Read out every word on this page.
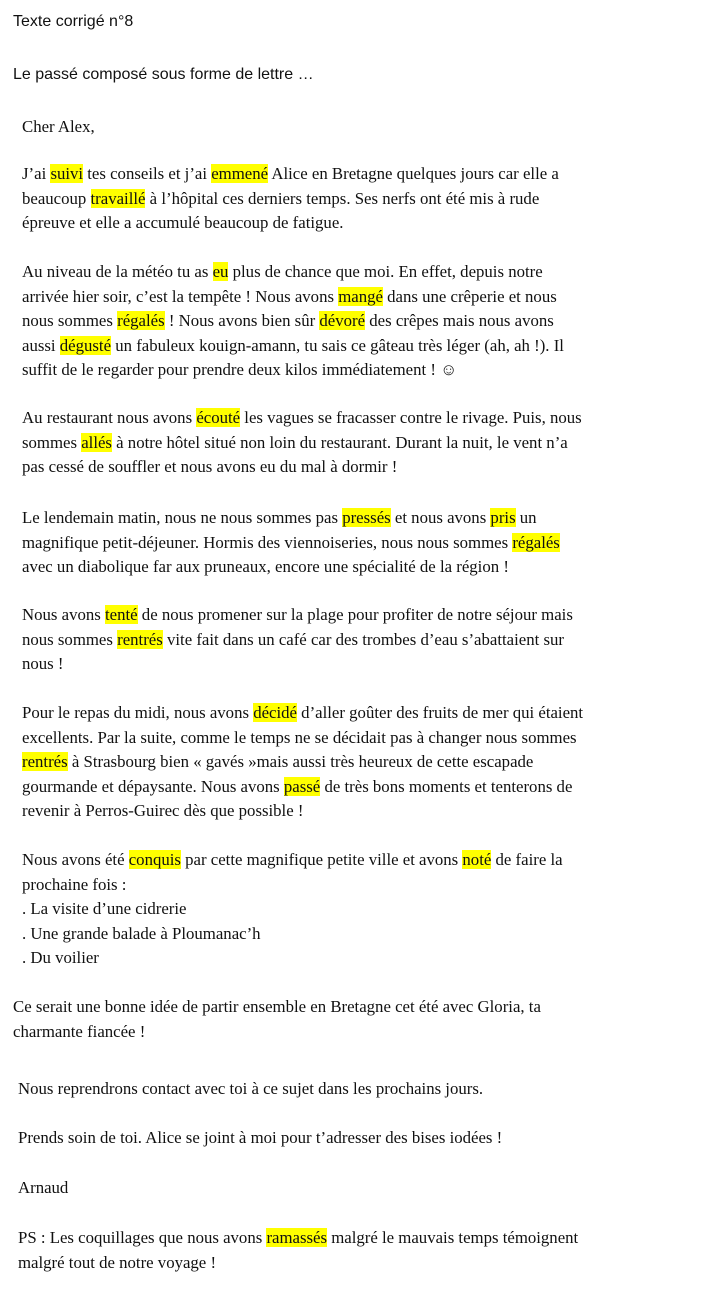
Texte corrigé n°8
Le passé composé sous forme de lettre …
Cher Alex,
J’ai suivi tes conseils et j’ai emmené Alice en Bretagne quelques jours car elle a
beaucoup travaillé à l’hôpital ces derniers temps. Ses nerfs ont été mis à rude
épreuve et elle a accumulé beaucoup de fatigue.
Au niveau de la météo tu as eu plus de chance que moi. En effet, depuis notre
arrivée hier soir, c’est la tempête ! Nous avons mangé dans une crêperie et nous
nous sommes régalés ! Nous avons bien sûr dévoré des crêpes mais nous avons
aussi dégusté un fabuleux kouign-amann, tu sais ce gâteau très léger (ah, ah !). Il
suffit de le regarder pour prendre deux kilos immédiatement ! ☺
Au restaurant nous avons écouté les vagues se fracasser contre le rivage. Puis, nous
sommes allés à notre hôtel situé non loin du restaurant. Durant la nuit, le vent n’a
pas cessé de souffler et nous avons eu du mal à dormir !
Le lendemain matin, nous ne nous sommes pas pressés et nous avons pris un
magnifique petit-déjeuner. Hormis des viennoiseries, nous nous sommes régalés
avec un diabolique far aux pruneaux, encore une spécialité de la région !
Nous avons tenté de nous promener sur la plage pour profiter de notre séjour mais
nous sommes rentrés vite fait dans un café car des trombes d’eau s’abattaient sur
nous !
Pour le repas du midi, nous avons décidé d’aller goûter des fruits de mer qui étaient
excellents. Par la suite, comme le temps ne se décidait pas à changer nous sommes
rentrés à Strasbourg bien « gavés »mais aussi très heureux de cette escapade
gourmande et dépaysante. Nous avons passé de très bons moments et tenterons de
revenir à Perros-Guirec dès que possible !
Nous avons été conquis par cette magnifique petite ville et avons noté de faire la
prochaine fois :
. La visite d’une cidrerie
. Une grande balade à Ploumanac’h
. Du voilier
Ce serait une bonne idée de partir ensemble en Bretagne cet été avec Gloria, ta
charmante fiancée !
Nous reprendrons contact avec toi à ce sujet dans les prochains jours.
Prends soin de toi. Alice se joint à moi pour t’adresser des bises iodées !
Arnaud
PS : Les coquillages que nous avons ramassés malgré le mauvais temps témoignent
malgré tout de notre voyage !
